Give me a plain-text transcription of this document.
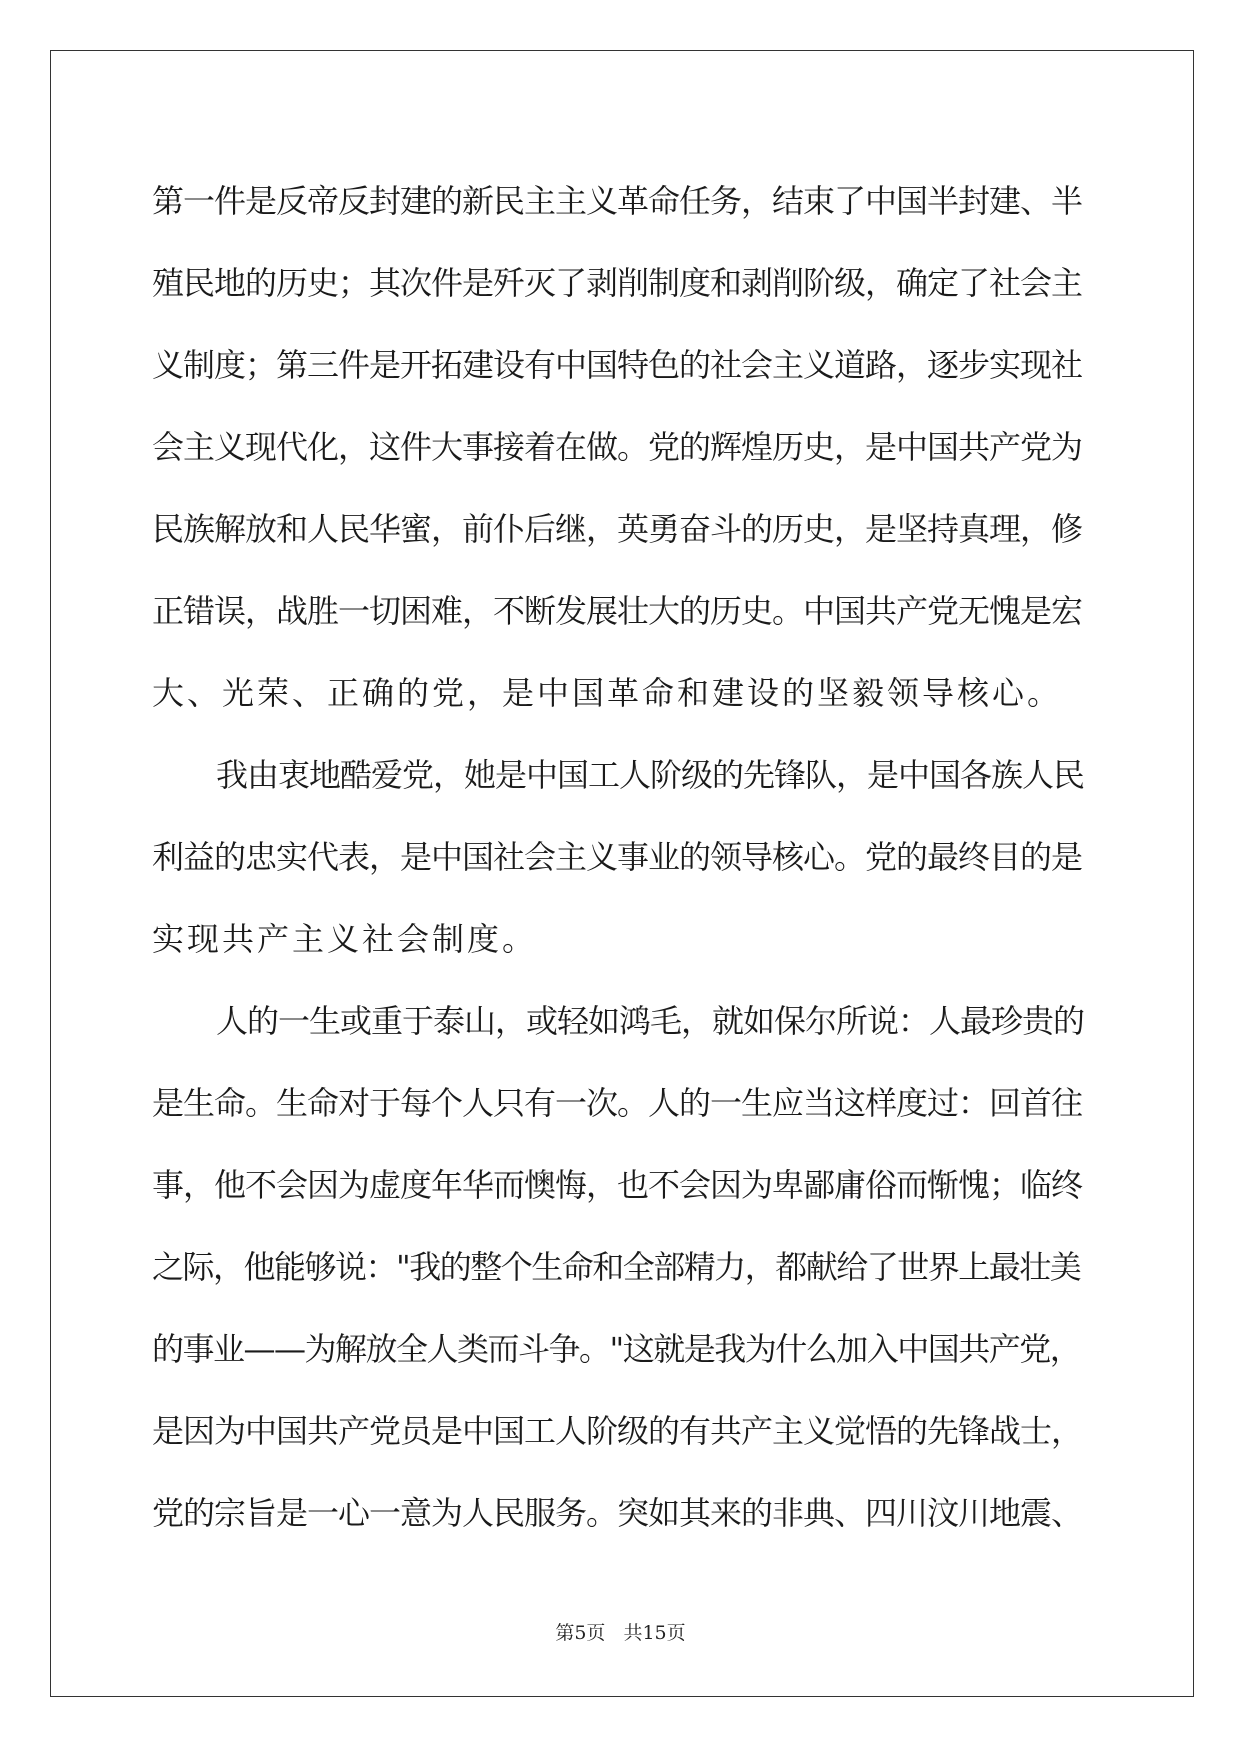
第一件是反帝反封建的新民主主义革命任务，结束了中国半封建、半
殖民地的历史；其次件是歼灭了剥削制度和剥削阶级，确定了社会主
义制度；第三件是开拓建设有中国特色的社会主义道路，逐步实现社
会主义现代化，这件大事接着在做。党的辉煌历史，是中国共产党为
民族解放和人民华蜜，前仆后继，英勇奋斗的历史，是坚持真理，修
正错误，战胜一切困难，不断发展壮大的历史。中国共产党无愧是宏
大、光荣、正确的党，是中国革命和建设的坚毅领导核心。
我由衷地酷爱党，她是中国工人阶级的先锋队，是中国各族人民
利益的忠实代表，是中国社会主义事业的领导核心。党的最终目的是
实现共产主义社会制度。
人的一生或重于泰山，或轻如鸿毛，就如保尔所说：人最珍贵的
是生命。生命对于每个人只有一次。人的一生应当这样度过：回首往
事，他不会因为虚度年华而懊悔，也不会因为卑鄙庸俗而惭愧；临终
之际，他能够说："我的整个生命和全部精力，都献给了世界上最壮美
的事业——为解放全人类而斗争。"这就是我为什么加入中国共产党，
是因为中国共产党员是中国工人阶级的有共产主义觉悟的先锋战士，
党的宗旨是一心一意为人民服务。突如其来的非典、四川汶川地震、
第5页 共15页
